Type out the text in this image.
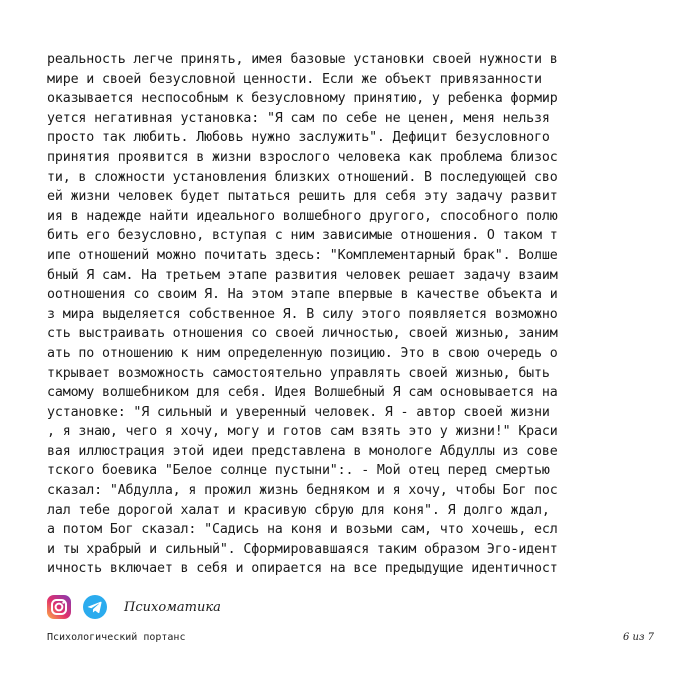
реальность легче принять, имея базовые установки своей нужности в
мире и своей безусловной ценности. Если же объект привязанности
оказывается неспособным к безусловному принятию, у ребенка формир
уется негативная установка: "Я сам по себе не ценен, меня нельзя
просто так любить. Любовь нужно заслужить". Дефицит безусловного
принятия проявится в жизни взрослого человека как проблема близос
ти, в сложности установления близких отношений. В последующей сво
ей жизни человек будет пытаться решить для себя эту задачу развит
ия в надежде найти идеального волшебного другого, способного полю
бить его безусловно, вступая с ним зависимые отношения. О таком т
ипе отношений можно почитать здесь: "Комплементарный брак". Волше
бный Я сам. На третьем этапе развития человек решает задачу взаим
оотношения со своим Я. На этом этапе впервые в качестве объекта и
з мира выделяется собственное Я. В силу этого появляется возможно
сть выстраивать отношения со своей личностью, своей жизнью, заним
ать по отношению к ним определенную позицию. Это в свою очередь о
ткрывает возможность самостоятельно управлять своей жизнью, быть
самому волшебником для себя. Идея Волшебный Я сам основывается на
установке: "Я сильный и уверенный человек. Я - автор своей жизни
, я знаю, чего я хочу, могу и готов сам взять это у жизни!" Краси
вая иллюстрация этой идеи представлена в монологе Абдуллы из сове
тского боевика "Белое солнце пустыни":. - Мой отец перед смертью
сказал: "Абдулла, я прожил жизнь бедняком и я хочу, чтобы Бог пос
лал тебе дорогой халат и красивую сбрую для коня". Я долго ждал,
а потом Бог сказал: "Садись на коня и возьми сам, что хочешь, есл
и ты храбрый и сильный". Сформировавшаяся таким образом Эго-идент
ичность включает в себя и опирается на все предыдущие идентичност
Психоматика
Психологический портанс	6 из 7
